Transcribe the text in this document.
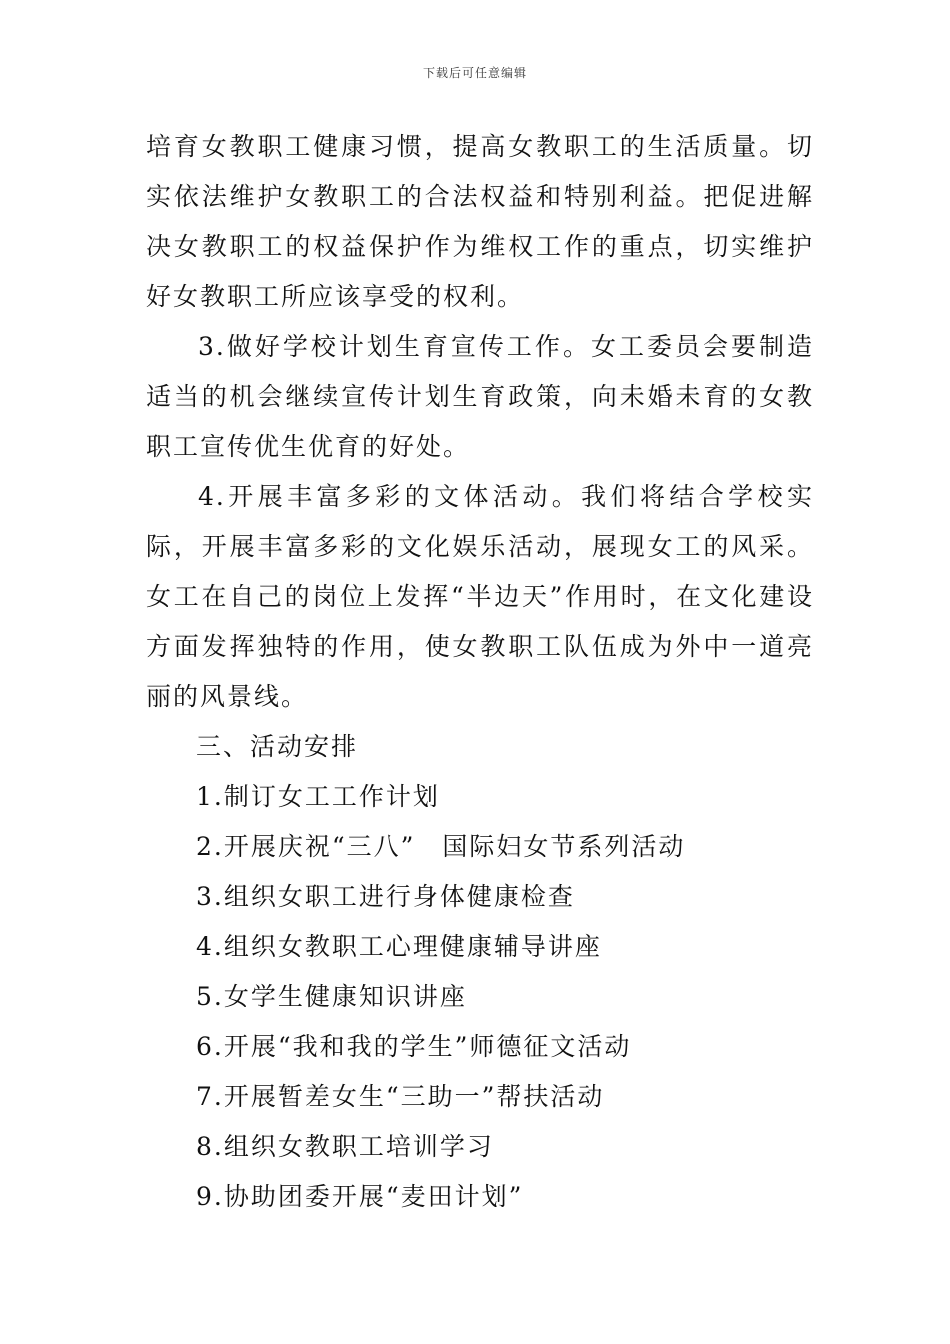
下载后可任意编辑

培育女教职工健康习惯，提高女教职工的生活质量。切实依法维护女教职工的合法权益和特别利益。把促进解决女教职工的权益保护作为维权工作的重点，切实维护好女教职工所应该享受的权利。

3.做好学校计划生育宣传工作。女工委员会要制造适当的机会继续宣传计划生育政策，向未婚未育的女教职工宣传优生优育的好处。

4.开展丰富多彩的文体活动。我们将结合学校实际，开展丰富多彩的文化娱乐活动，展现女工的风采。女工在自己的岗位上发挥“半边天”作用时，在文化建设方面发挥独特的作用，使女教职工队伍成为外中一道亮丽的风景线。

三、活动安排

1.制订女工工作计划

2.开展庆祝“三八”　国际妇女节系列活动

3.组织女职工进行身体健康检查

4.组织女教职工心理健康辅导讲座

5.女学生健康知识讲座

6.开展“我和我的学生”师德征文活动

7.开展暂差女生“三助一”帮扶活动

8.组织女教职工培训学习

9.协助团委开展“麦田计划”
